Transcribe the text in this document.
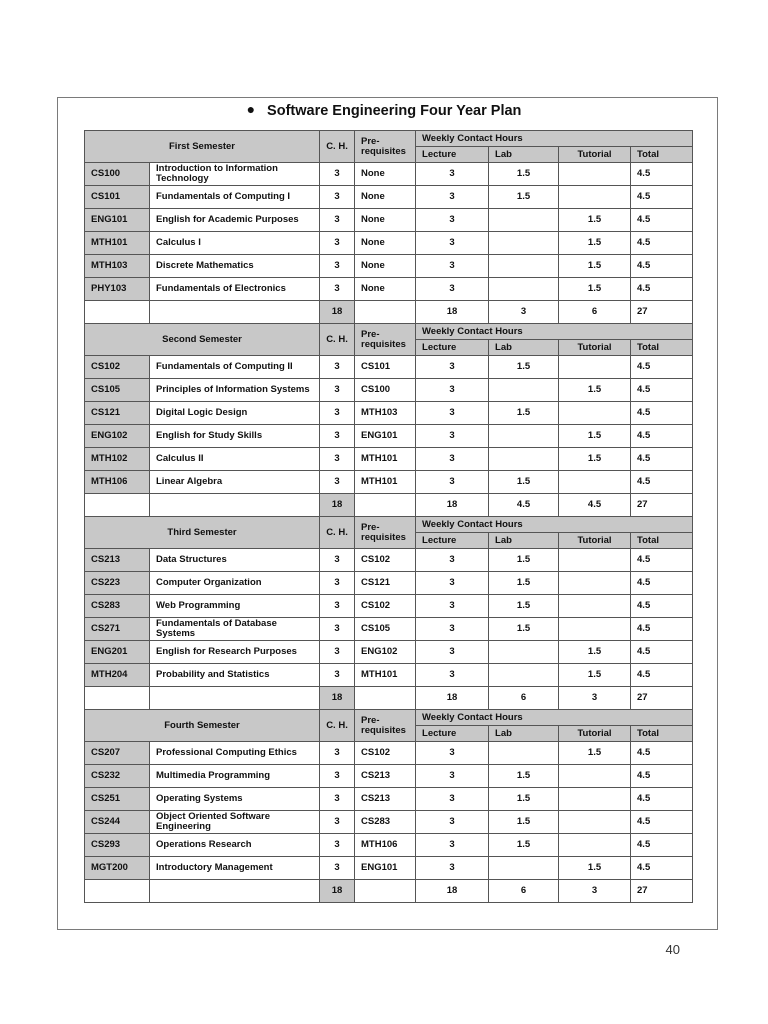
● Software Engineering Four Year Plan
First Semester		C. H.	Pre-requisites	Weekly Contact Hours			
				Lecture	Lab	Tutorial	Total
CS100	Introduction to Information Technology	3	None	3	1.5		4.5
CS101	Fundamentals of Computing I	3	None	3	1.5		4.5
ENG101	English for Academic Purposes	3	None	3		1.5	4.5
MTH101	Calculus I	3	None	3		1.5	4.5
MTH103	Discrete Mathematics	3	None	3		1.5	4.5
PHY103	Fundamentals of Electronics	3	None	3		1.5	4.5
		18		18	3	6	27
Second Semester		C. H.	Pre-requisites	Weekly Contact Hours			
				Lecture	Lab	Tutorial	Total
CS102	Fundamentals of Computing II	3	CS101	3	1.5		4.5
CS105	Principles of Information Systems	3	CS100	3		1.5	4.5
CS121	Digital Logic Design	3	MTH103	3	1.5		4.5
ENG102	English for Study Skills	3	ENG101	3		1.5	4.5
MTH102	Calculus II	3	MTH101	3		1.5	4.5
MTH106	Linear Algebra	3	MTH101	3	1.5		4.5
		18		18	4.5	4.5	27
Third Semester		C. H.	Pre-requisites	Weekly Contact Hours			
				Lecture	Lab	Tutorial	Total
CS213	Data Structures	3	CS102	3	1.5		4.5
CS223	Computer Organization	3	CS121	3	1.5		4.5
CS283	Web Programming	3	CS102	3	1.5		4.5
CS271	Fundamentals of Database Systems	3	CS105	3	1.5		4.5
ENG201	English for Research Purposes	3	ENG102	3		1.5	4.5
MTH204	Probability and Statistics	3	MTH101	3		1.5	4.5
		18		18	6	3	27
Fourth Semester		C. H.	Pre-requisites	Weekly Contact Hours			
				Lecture	Lab	Tutorial	Total
CS207	Professional Computing Ethics	3	CS102	3		1.5	4.5
CS232	Multimedia Programming	3	CS213	3	1.5		4.5
CS251	Operating Systems	3	CS213	3	1.5		4.5
CS244	Object Oriented Software Engineering	3	CS283	3	1.5		4.5
CS293	Operations Research	3	MTH106	3	1.5		4.5
MGT200	Introductory Management	3	ENG101	3		1.5	4.5
		18		18	6	3	27
40
